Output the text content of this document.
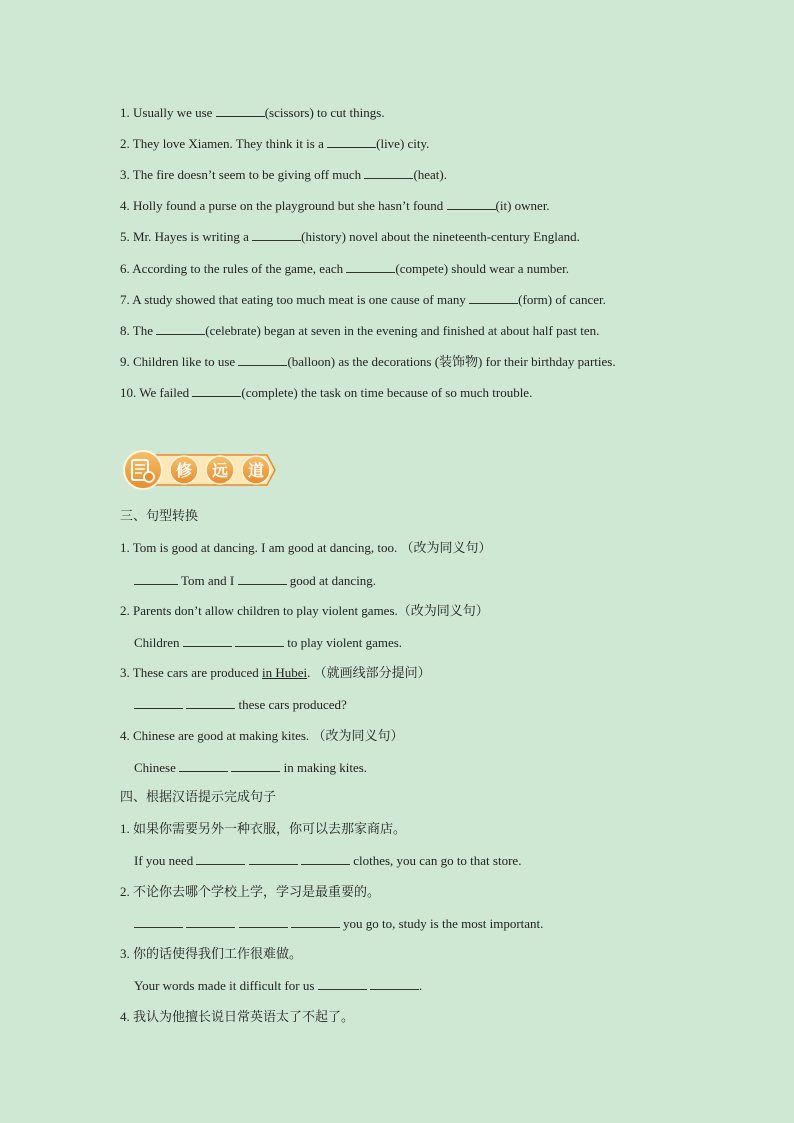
1. Usually we use	(scissors) to cut things.
2. They love Xiamen. They think it is a	(live) city.
3. The fire doesn’t seem to be giving off much	(heat).
4. Holly found a purse on the playground but she hasn’t found	(it) owner.
5. Mr. Hayes is writing a	(history) novel about the nineteenth-century England.
6. According to the rules of the game, each	(compete) should wear a number.
7. A study showed that eating too much meat is one cause of many	(form) of cancer.
8. The	(celebrate) began at seven in the evening and finished at about half past ten.
9. Children like to use	(balloon) as the decorations (装饰物) for their birthday parties.
10. We failed	(complete) the task on time because of so much trouble.
修 远 道
三、句型转换
1. Tom is good at dancing. I am good at dancing, too. （改为同义句）
Tom and I	good at dancing.
2. Parents don’t allow children to play violent games.（改为同义句）
Children	to play violent games.
3. These cars are produced in Hubei. （就画线部分提问）
these cars produced?
4. Chinese are good at making kites. （改为同义句）
Chinese	in making kites.
四、根据汉语提示完成句子
1. 如果你需要另外一种衣服，你可以去那家商店。
If you need	clothes, you can go to that store.
2. 不论你去哪个学校上学，学习是最重要的。
you go to, study is the most important.
3. 你的话使得我们工作很难做。
Your words made it difficult for us	.
4. 我认为他擅长说日常英语太了不起了。
